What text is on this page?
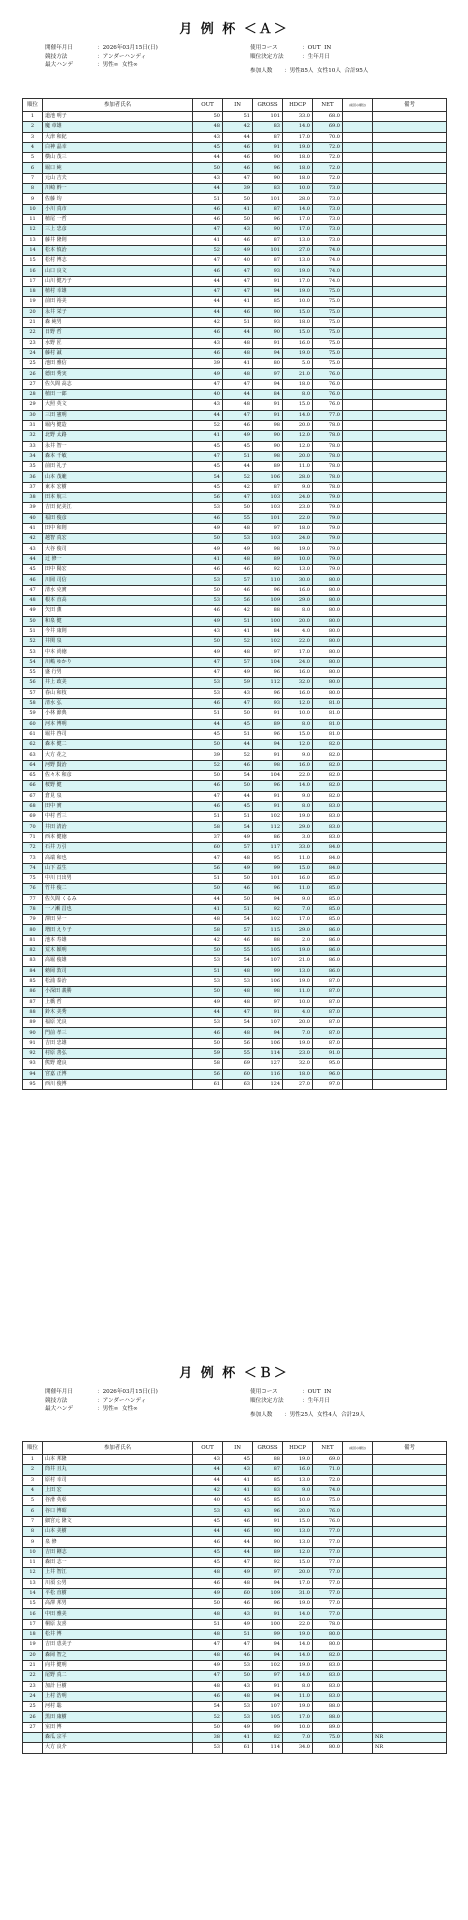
月 例 杯 ＜Ａ＞
開催年月日	：2026年03月15日(日)
競技方法	：アンダーハンディ
最大ハンデ	：男性∞  女性∞
使用コース	：OUT  IN
順位決定方法	：生年月日
参加人数 ：男性85人  女性10人  合計95人
順位	参加者氏名	OUT	IN	GROSS	HDCP	NET	(前回の順位)	備考
1	道池 明子	50	51	101	33.0	68.0		
2	魔 章雄	48	42	83	14.0	69.0		
3	大津 和紀	43	44	87	17.0	70.0		
4	白神 晶幸	45	46	91	19.0	72.0		
5	横山 茂三	44	46	90	18.0	72.0		
6	堀口 純	50	46	96	18.0	72.0		
7	元山 吉夫	43	47	90	18.0	72.0		
8	川崎 幹一	44	39	83	10.0	73.0		
9	佐藤 均	51	50	101	28.0	73.0		
10	小川 真市	46	41	87	14.0	73.0		
11	植尾 一哲	46	50	96	17.0	73.0		
12	三上 忠彦	47	43	90	17.0	73.0		
13	藤井 隆則	41	46	87	13.0	73.0		
14	松本 慎治	52	49	101	27.0	74.0		
15	松村 博志	47	40	87	13.0	74.0		
16	山口 良文	46	47	93	19.0	74.0		
17	山川 健乃子	44	47	91	17.0	74.0		
18	植村 幸雄	47	47	94	19.0	75.0		
19	前田 裕美	44	41	85	10.0	75.0		
20	永井 栄子	44	46	90	15.0	75.0		
21	森 純男	42	51	93	18.0	75.0		
22	日野 哲	46	44	90	15.0	75.0		
23	水野 匠	43	48	91	16.0	75.0		
24	藤村 誠	46	48	94	19.0	75.0		
25	池田 雅信	39	41	80	5.0	75.0		
26	德田 秀実	49	48	97	21.0	76.0		
27	佐久間 高志	47	47	94	18.0	76.0		
28	植田 一郎	40	44	84	8.0	76.0		
29	大照 英文	43	48	91	15.0	76.0		
30	三田 憲明	44	47	91	14.0	77.0		
31	堀内 健造	52	46	98	20.0	78.0		
32	北野 太路	41	49	90	12.0	78.0		
33	永井 智一	45	45	90	12.0	78.0		
34	森本 千敏	47	51	98	20.0	78.0		
35	前田 礼子	45	44	89	11.0	78.0		
36	山本 茂範	54	52	106	28.0	78.0		
37	東本 宏樹	45	42	87	9.0	78.0		
38	田本 航三	56	47	103	24.0	79.0		
39	吉田 紀美江	53	50	103	23.0	79.0		
40	福田 俊彦	46	55	101	22.0	79.0		
41	田中 和則	49	48	97	18.0	79.0		
42	越智 真宏	50	53	103	24.0	79.0		
43	大谷 俊司	49	49	98	19.0	79.0		
44	辻 修一	41	48	89	10.0	79.0		
45	田中 陽宏	46	46	92	13.0	79.0		
46	川岡 司信	53	57	110	30.0	80.0		
47	清水 克實	50	46	96	16.0	80.0		
48	根本 直高	53	56	109	29.0	80.0		
49	矢田 薫	46	42	88	8.0	80.0		
50	和泉 健	49	51	100	20.0	80.0		
51	今井 康則	43	41	84	4.0	80.0		
52	井関 泉	50	52	102	22.0	80.0		
53	中本 尚徳	49	48	97	17.0	80.0		
54	川嶋 ゆかり	47	57	104	24.0	80.0		
55	盛 行男	47	49	96	16.0	80.0		
56	井上 政美	53	59	112	32.0	80.0		
57	春山 和枝	53	43	96	16.0	80.0		
58	清水 弘	46	47	93	12.0	81.0		
59	小林 節典	51	50	91	10.0	81.0		
60	河本 博明	44	45	89	8.0	81.0		
61	堀井 啓司	45	51	96	15.0	81.0		
62	森本 健二	50	44	94	12.0	82.0		
63	大方 花之	39	52	91	9.0	82.0		
64	河野 賢治	52	46	98	16.0	82.0		
65	佐々木 和彦	50	54	104	22.0	82.0		
66	桜野 健	46	50	96	14.0	82.0		
67	倉見 泉	47	44	91	9.0	82.0		
68	田中 實	46	45	91	8.0	83.0		
69	中村 哲三	51	51	102	19.0	83.0		
70	井田 清治	58	54	112	29.0	83.0		
71	西本 健徳	37	49	86	3.0	83.0		
72	石井 万引	60	57	117	33.0	84.0		
73	高端 和也	47	48	95	11.0	84.0		
74	山下 益生	56	49	99	15.0	84.0		
75	中川 日出男	51	50	101	16.0	85.0		
76	竹井 俊二	50	46	96	11.0	85.0		
77	佐久間 くるみ	44	50	94	9.0	85.0		
78	一ノ瀬 昌也	41	51	92	7.0	85.0		
79	澤田 昇一	48	54	102	17.0	85.0		
80	増田 えり子	58	57	115	29.0	86.0		
81	池本 寿雄	42	46	88	2.0	86.0		
82	荒木 穎明	50	55	105	19.0	86.0		
83	高堀 俊雄	53	54	107	21.0	86.0		
84	勅岡 敦司	51	48	99	13.0	86.0		
85	松浦 泰治	53	53	106	19.0	87.0		
86	小深田 義勝	50	48	98	11.0	87.0		
87	上橋 哲	49	48	97	10.0	87.0		
88	鈴木 美秀	44	47	91	4.0	87.0		
89	福原 光良	53	54	107	20.0	87.0		
90	門前 孝三	46	48	94	7.0	87.0		
91	吉田 忠雄	50	56	106	19.0	87.0		
92	村原 善弘	59	55	114	23.0	91.0		
93	熊野 遼良	58	69	127	32.0	95.0		
94	宮嘉 正博	56	60	116	18.0	96.0		
95	西川 俊博	61	63	124	27.0	97.0		
月 例 杯 ＜Ｂ＞
開催年月日	：2026年03月15日(日)
競技方法	：アンダーハンディ
最大ハンデ	：男性∞  女性∞
使用コース	：OUT  IN
順位決定方法	：生年月日
参加人数 ：男性25人  女性4人  合計29人
順位	参加者氏名	OUT	IN	GROSS	HDCP	NET	(前回の順位)	備考
1	山本 邦隆	43	45	88	19.0	69.0		
2	筒井 且丸	44	43	87	16.0	71.0		
3	原村 幸司	44	41	85	13.0	72.0		
4	上田 宏	42	41	83	9.0	74.0		
5	谷滑 英彰	40	45	85	10.0	75.0		
6	谷口 博昭	53	43	96	20.0	76.0		
7	細宮元 隆文	45	46	91	15.0	76.0		
8	山本 美樹	44	46	90	13.0	77.0		
9	泉 修	46	44	90	13.0	77.0		
10	吉田 剛志	45	44	89	12.0	77.0		
11	森田 志一	45	47	92	15.0	77.0		
12	上井 智江	48	49	97	20.0	77.0		
13	川須 公男	46	48	94	17.0	77.0		
14	平松 直樹	49	60	109	31.0	77.0		
15	高澤 邦男	50	46	96	19.0	77.0		
16	中田 雅美	48	43	91	14.0	77.0		
17	桐原 友喜	51	49	100	22.0	78.0		
18	松井 博	48	51	99	19.0	80.0		
19	吉田 恵美子	47	47	94	14.0	80.0		
20	森岡 智之	48	46	94	14.0	82.0		
21	向井 健明	49	53	102	19.0	83.0		
22	尾野 真二	47	50	97	14.0	83.0		
23	加計 巨樹	48	43	91	8.0	83.0		
24	上村 浩明	46	48	94	11.0	83.0		
25	河村 聡	54	53	107	19.0	88.0		
26	黒田 康樹	52	53	105	17.0	88.0		
27	室田 博	50	49	99	10.0	89.0		
	森瓜 宗平	38	41	82	7.0	75.0		NR
	大方 良介	53	61	114	34.0	80.0		NR
